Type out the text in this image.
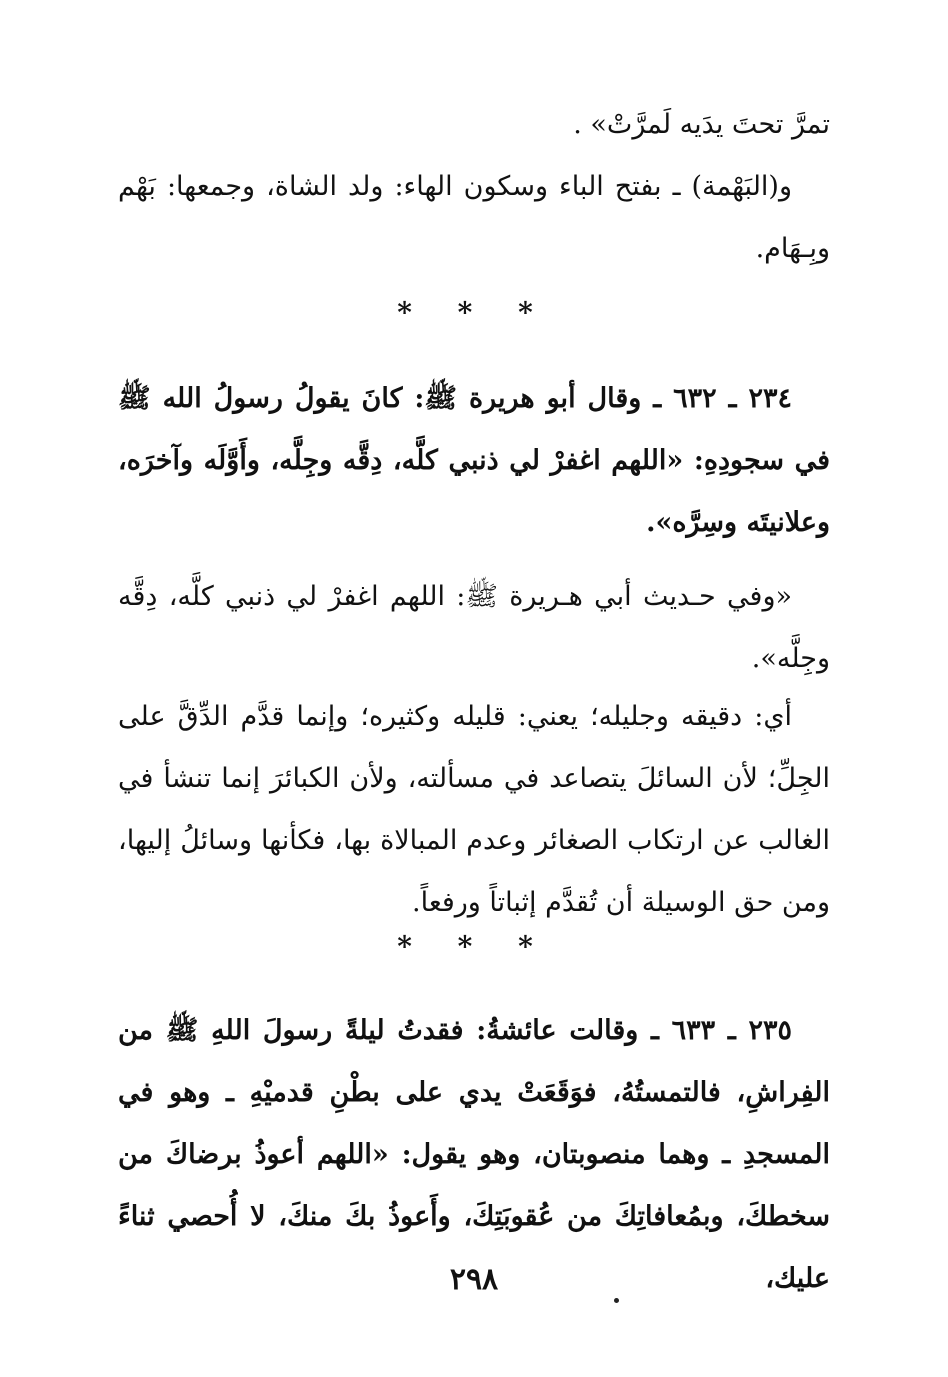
تمرَّ تحتَ يدَيه لَمرَّتْ» .

و(البَهْمة) ـ بفتح الباء وسكون الهاء: ولد الشاة، وجمعها: بَهْم وبِـهَام.

* * *

٢٣٤ ـ ٦٣٢ ـ وقال أبو هريرة ﷺ: كانَ يقولُ رسولُ الله ﷺ في سجودِهِ: «اللهم اغفرْ لي ذنبي كلَّه، دِقَّه وجِلَّه، وأَوَّلَه وآخرَه، وعلانيتَه وسِرَّه».

«وفي حـديث أبي هـريرة ﷺ: اللهم اغفرْ لي ذنبي كلَّه، دِقَّه وجِلَّه».

أي: دقيقه وجليله؛ يعني: قليله وكثيره؛ وإنما قدَّم الدِّقَّ على الجِلِّ؛ لأن السائلَ يتصاعد في مسألته، ولأن الكبائرَ إنما تنشأ في الغالب عن ارتكاب الصغائر وعدم المبالاة بها، فكأنها وسائلُ إليها، ومن حق الوسيلة أن تُقدَّم إثباتاً ورفعاً.

* * *

٢٣٥ ـ ٦٣٣ ـ وقالت عائشةُ: فقدتُ ليلةً رسولَ اللهِ ﷺ من الفِراشِ، فالتمستُهُ، فوَقَعَتْ يدي على بطْنِ قدميْهِ ـ وهو في المسجدِ ـ وهما منصوبتان، وهو يقول: «اللهم أعوذُ برضاكَ من سخطكَ، وبمُعافاتِكَ من عُقوبَتِكَ، وأَعوذُ بكَ منكَ، لا أُحصي ثناءً عليك،

٢٩٨
